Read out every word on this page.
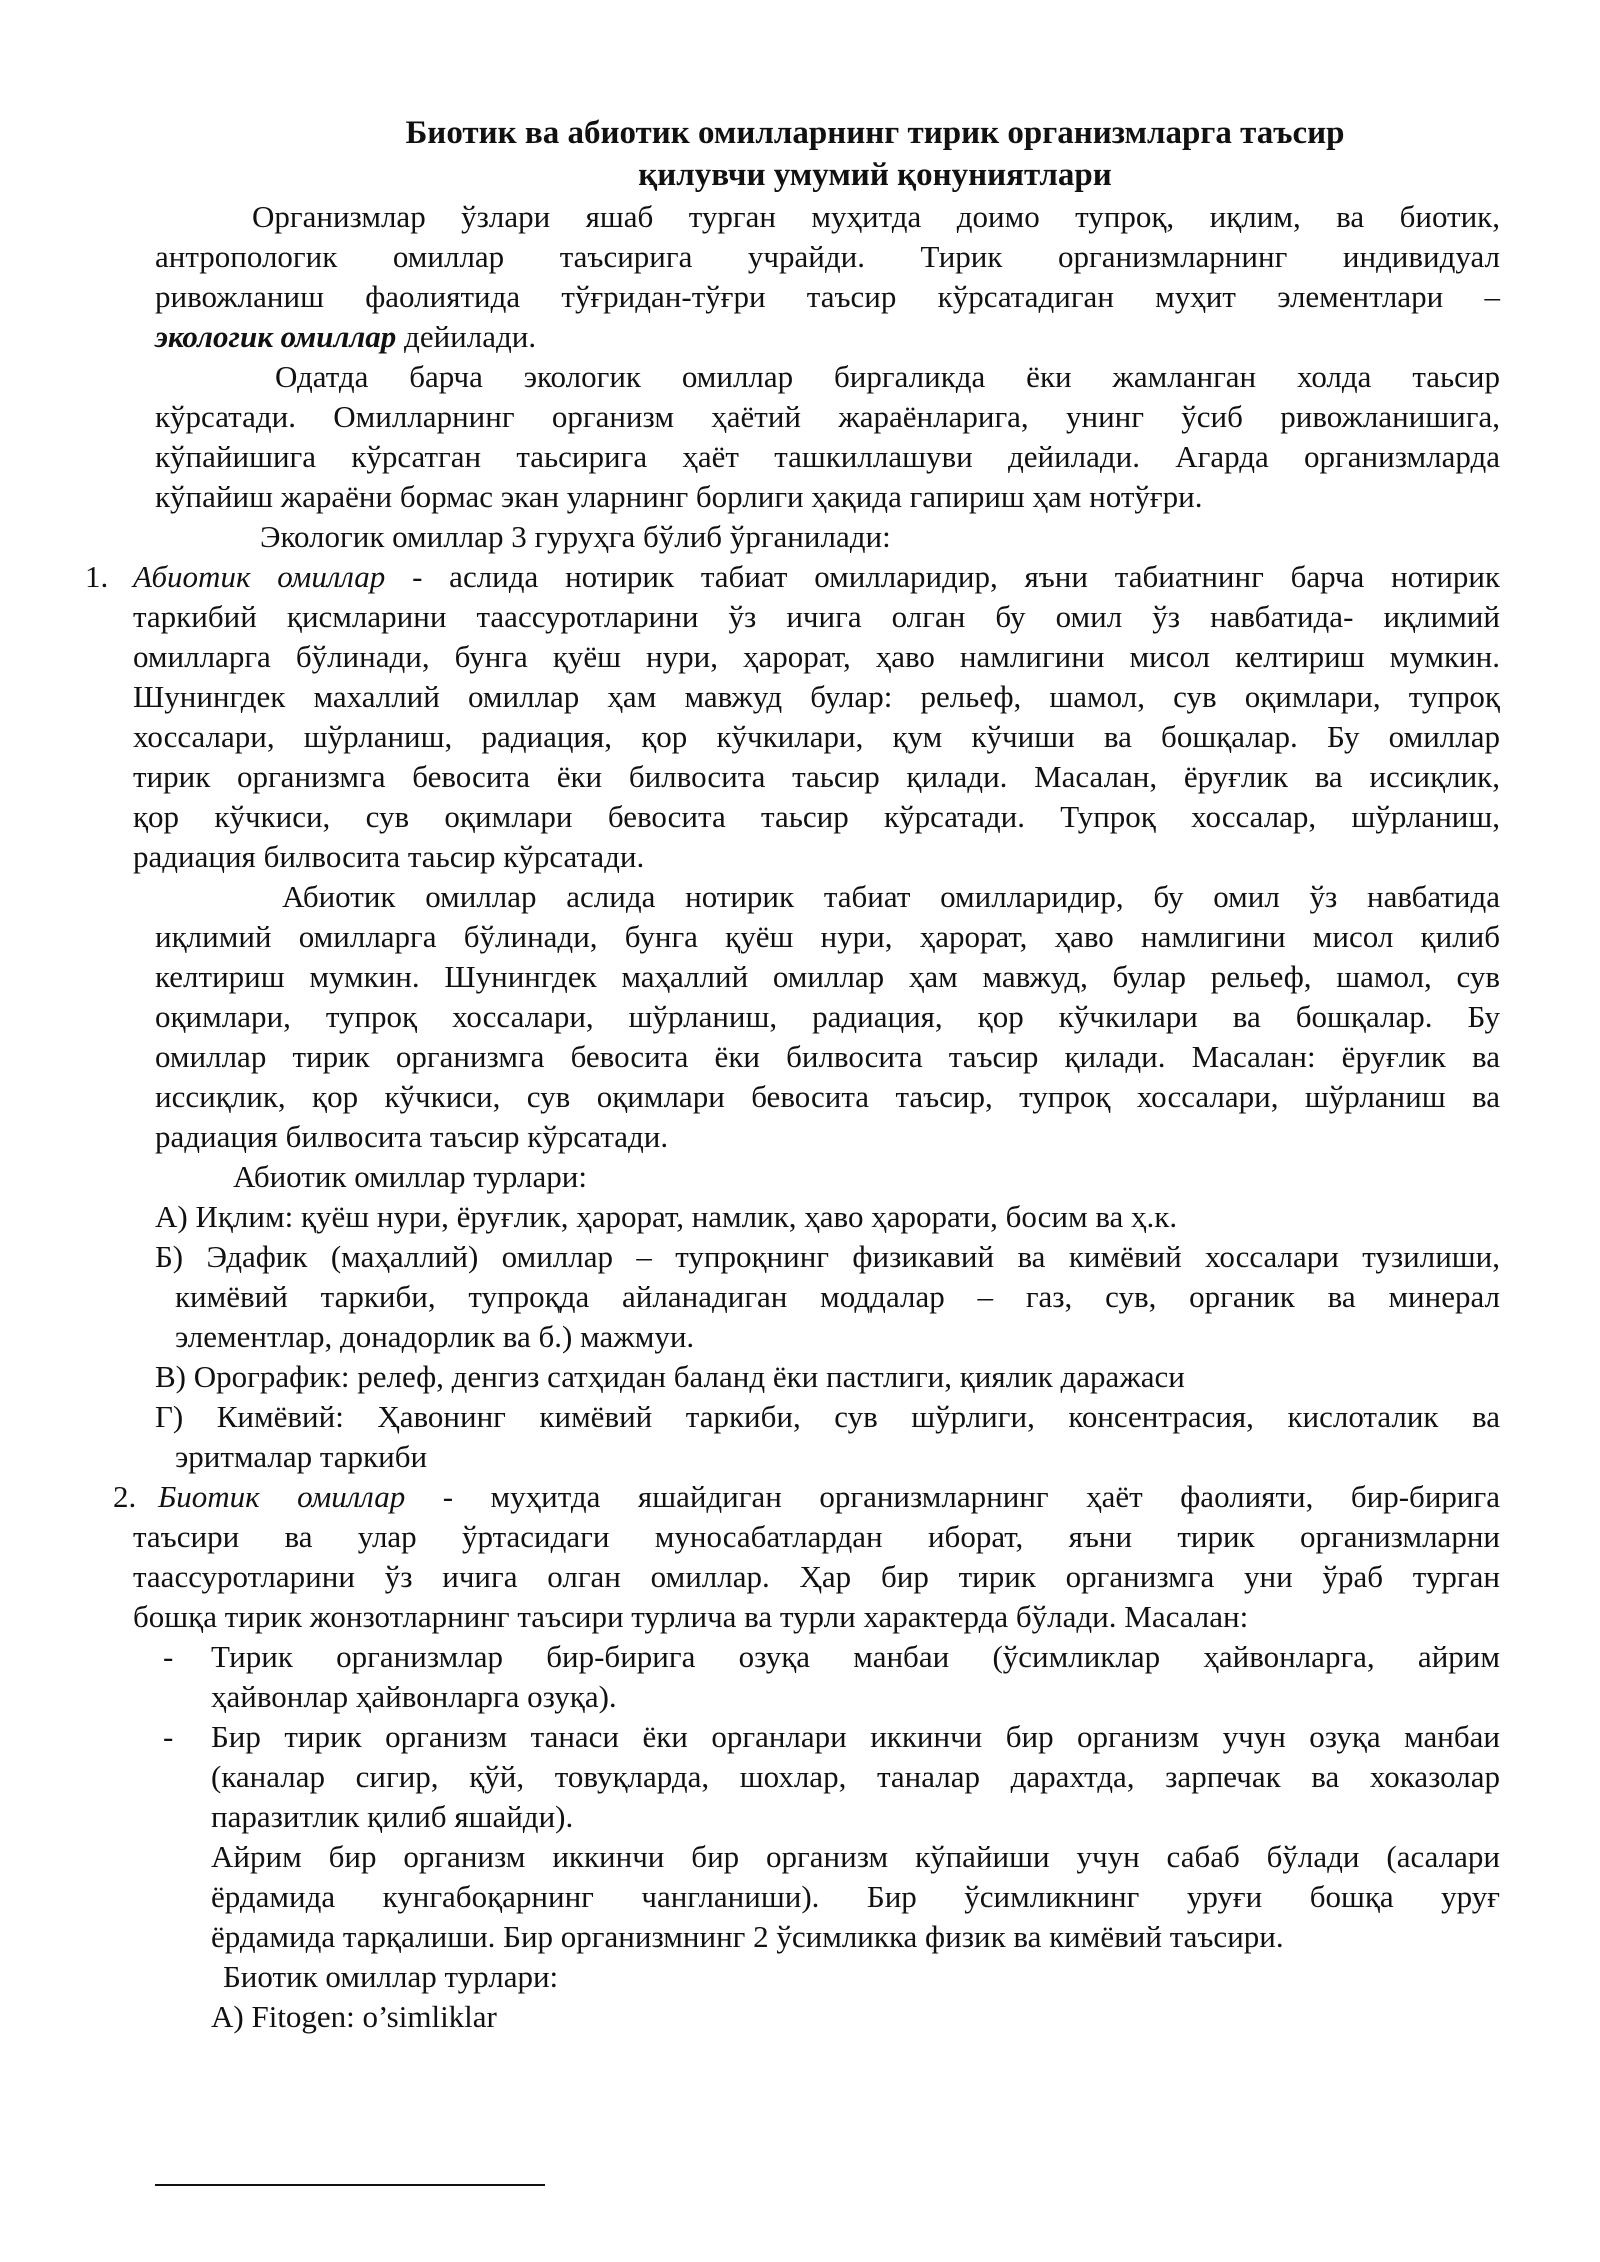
Биотик ва абиотик омилларнинг тирик организмларга таъсир
қилувчи умумий қонуниятлари
Организмлар ўзлари яшаб турган муҳитда доимо тупроқ, иқлим, ва биотик,
антропологик омиллар таъсирига учрайди. Тирик организмларнинг индивидуал
ривожланиш фаолиятида тўғридан-тўғри таъсир кўрсатадиган муҳит элементлари –
экологик омиллар дейилади.
Одатда барча экологик омиллар биргаликда ёки жамланган холда таьсир
кўрсатади. Омилларнинг организм ҳаётий жараёнларига, унинг ўсиб ривожланишига,
кўпайишига кўрсатган таьсирига ҳаёт ташкиллашуви дейилади. Агарда организмларда
кўпайиш жараёни бормас экан уларнинг борлиги ҳақида гапириш ҳам нотўғри.
Экологик омиллар 3 гуруҳга бўлиб ўрганилади:
1. Абиотик омиллар - аслида нотирик табиат омилларидир, яъни табиатнинг барча нотирик
таркибий қисмларини таассуротларини ўз ичига олган бу омил ўз навбатида- иқлимий
омилларга бўлинади, бунга қуёш нури, ҳарорат, ҳаво намлигини мисол келтириш мумкин.
Шунингдек махаллий омиллар ҳам мавжуд булар: рельеф, шамол, сув оқимлари, тупроқ
хоссалари, шўрланиш, радиация, қор кўчкилари, қум кўчиши ва бошқалар. Бу омиллар
тирик организмга бевосита ёки билвосита таьсир қилади. Масалан, ёруғлик ва иссиқлик,
қор кўчкиси, сув оқимлари бевосита таьсир кўрсатади. Тупроқ хоссалар, шўрланиш,
радиация билвосита таьсир кўрсатади.
Абиотик омиллар аслида нотирик табиат омилларидир, бу омил ўз навбатида
иқлимий омилларга бўлинади, бунга қуёш нури, ҳарорат, ҳаво намлигини мисол қилиб
келтириш мумкин. Шунингдек маҳаллий омиллар ҳам мавжуд, булар рельеф, шамол, сув
оқимлари, тупроқ хоссалари, шўрланиш, радиация, қор кўчкилари ва бошқалар. Бу
омиллар тирик организмга бевосита ёки билвосита таъсир қилади. Масалан: ёруғлик ва
иссиқлик, қор кўчкиси, сув оқимлари бевосита таъсир, тупроқ хоссалари, шўрланиш ва
радиация билвосита таъсир кўрсатади.
Абиотик омиллар турлари:
А) Иқлим: қуёш нури, ёруғлик, ҳарорат, намлик, ҳаво ҳарорати, босим ва ҳ.к.
Б) Эдафик (маҳаллий) омиллар – тупроқнинг физикавий ва кимёвий хоссалари тузилиши,
кимёвий таркиби, тупроқда айланадиган моддалар – газ, сув, органик ва минерал
элементлар, донадорлик ва б.) мажмуи.
В) Орографик: релеф, денгиз сатҳидан баланд ёки пастлиги, қиялик даражаси
Г) Кимёвий: Ҳавонинг кимёвий таркиби, сув шўрлиги, консентрасия, кислоталик ва
эритмалар таркиби
2. Биотик омиллар - муҳитда яшайдиган организмларнинг ҳаёт фаолияти, бир-бирига
таъсири ва улар ўртасидаги муносабатлардан иборат, яъни тирик организмларни
таассуротларини ўз ичига олган омиллар. Ҳар бир тирик организмга уни ўраб турган
бошқа тирик жонзотларнинг таъсири турлича ва турли характерда бўлади. Масалан:
- Тирик организмлар бир-бирига озуқа манбаи (ўсимликлар ҳайвонларга, айрим
ҳайвонлар ҳайвонларга озуқа).
- Бир тирик организм танаси ёки органлари иккинчи бир организм учун озуқа манбаи
(каналар сигир, қўй, товуқларда, шохлар, таналар дарахтда, зарпечак ва хоказолар
паразитлик қилиб яшайди).
Айрим бир организм иккинчи бир организм кўпайиши учун сабаб бўлади (асалари
ёрдамида кунгабоқарнинг чангланиши). Бир ўсимликнинг уруғи бошқа уруғ
ёрдамида тарқалиши. Бир организмнинг 2 ўсимликка физик ва кимёвий таъсири.
Биотик омиллар турлари:
А) Fitogen: o’simliklar
